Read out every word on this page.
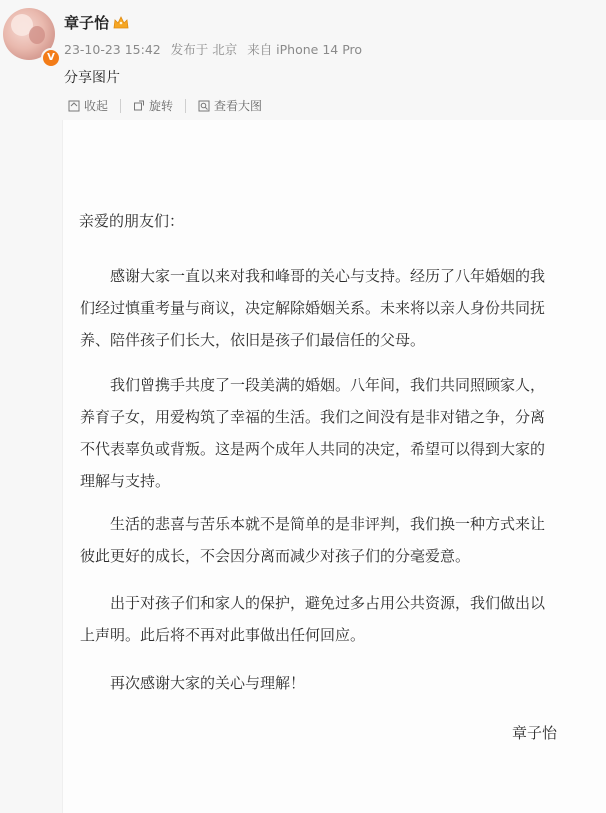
V
章子怡
23-10-23 15:42 发布于 北京 来自 iPhone 14 Pro
分享图片
收起	旋转	查看大图
亲爱的朋友们：
感谢大家一直以来对我和峰哥的关心与支持。经历了八年婚姻的我们经过慎重考量与商议，决定解除婚姻关系。未来将以亲人身份共同抚养、陪伴孩子们长大，依旧是孩子们最信任的父母。
我们曾携手共度了一段美满的婚姻。八年间，我们共同照顾家人，养育子女，用爱构筑了幸福的生活。我们之间没有是非对错之争，分离不代表辜负或背叛。这是两个成年人共同的决定，希望可以得到大家的理解与支持。
生活的悲喜与苦乐本就不是简单的是非评判，我们换一种方式来让彼此更好的成长，不会因分离而减少对孩子们的分毫爱意。
出于对孩子们和家人的保护，避免过多占用公共资源，我们做出以上声明。此后将不再对此事做出任何回应。
再次感谢大家的关心与理解！
章子怡
